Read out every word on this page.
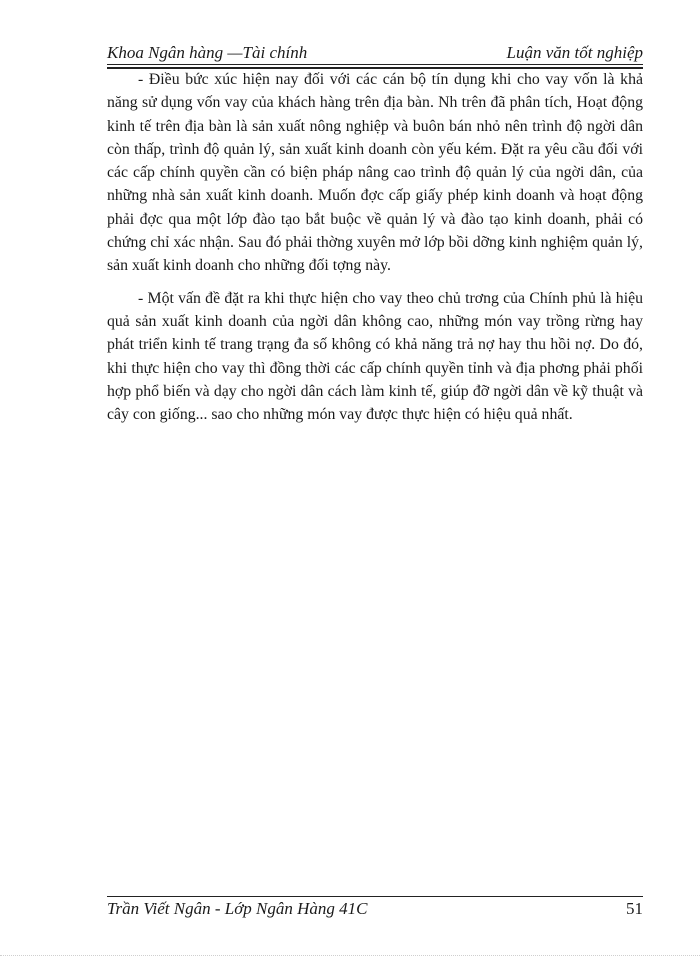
Khoa Ngân hàng —Tài chính	Luận văn tốt nghiệp

- Điều bức xúc hiện nay đối với các cán bộ tín dụng khi cho vay vốn là khả năng sử dụng vốn vay của khách hàng trên địa bàn. Nh trên đã phân tích, Hoạt động kinh tế trên địa bàn là sản xuất nông nghiệp và buôn bán nhỏ nên trình độ ngời dân còn thấp, trình độ quản lý, sản xuất kinh doanh còn yếu kém. Đặt ra yêu cầu đối với các cấp chính quyền cần có biện pháp nâng cao trình độ quản lý của ngời dân, của những nhà sản xuất kinh doanh. Muốn đợc cấp giấy phép kinh doanh và hoạt động phải đợc qua một lớp đào tạo bắt buộc về quản lý và đào tạo kinh doanh, phải có chứng chỉ xác nhận. Sau đó phải thờng xuyên mở lớp bồi dỡng kinh nghiệm quản lý, sản xuất kinh doanh cho những đối tợng này.

- Một vấn đề đặt ra khi thực hiện cho vay theo chủ trơng của Chính phủ là hiệu quả sản xuất kinh doanh của ngời dân không cao, những món vay trồng rừng hay phát triển kinh tế trang trạng đa số không có khả năng trả nợ hay thu hồi nợ. Do đó, khi thực hiện cho vay thì đồng thời các cấp chính quyền tỉnh và địa phơng phải phối hợp phổ biến và dạy cho ngời dân cách làm kinh tế, giúp đỡ ngời dân về kỹ thuật và cây con giống... sao cho những món vay được thực hiện có hiệu quả nhất.

Trần Viết Ngân - Lớp Ngân Hàng 41C	51
